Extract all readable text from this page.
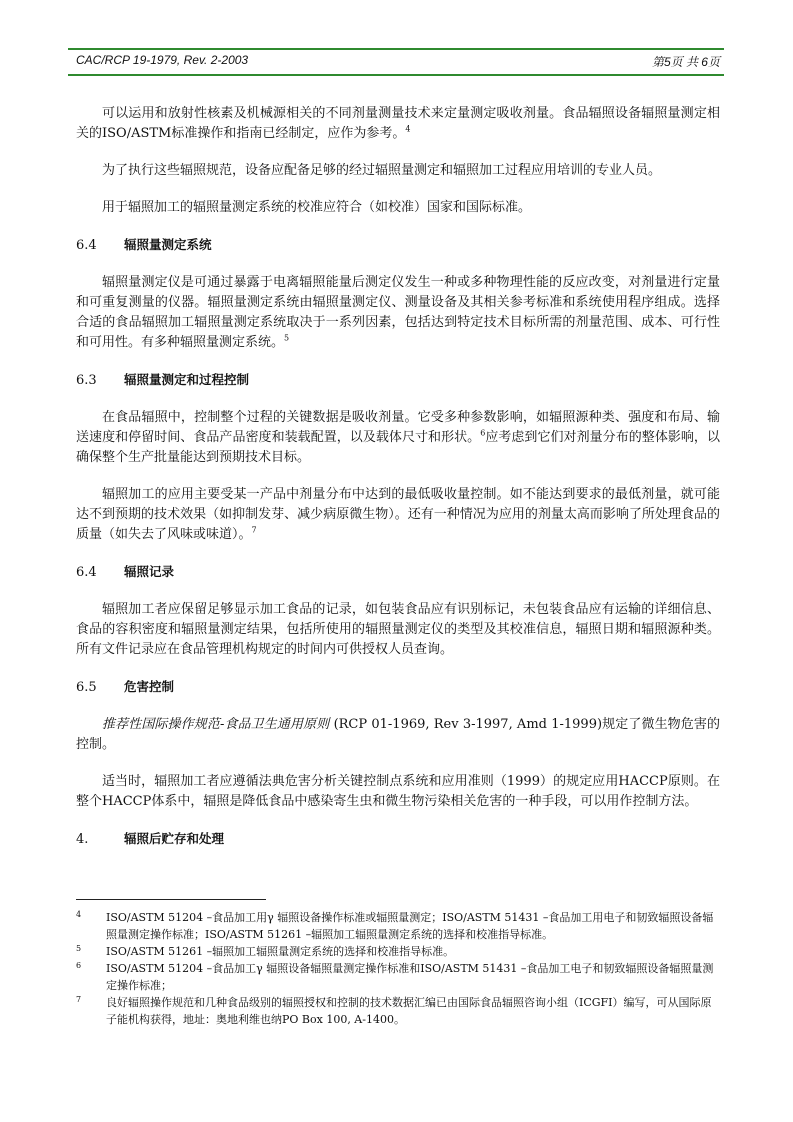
CAC/RCP 19-1979, Rev. 2-2003	第5页 共 6页

可以运用和放射性核素及机械源相关的不同剂量测量技术来定量测定吸收剂量。食品辐照设备辐照量测定相关的ISO/ASTM标准操作和指南已经制定，应作为参考。$^4$

为了执行这些辐照规范，设备应配备足够的经过辐照量测定和辐照加工过程应用培训的专业人员。

用于辐照加工的辐照量测定系统的校准应符合（如校准）国家和国际标准。

6.4 辐照量测定系统

辐照量测定仪是可通过暴露于电离辐照能量后测定仪发生一种或多种物理性能的反应改变，对剂量进行定量和可重复测量的仪器。辐照量测定系统由辐照量测定仪、测量设备及其相关参考标准和系统使用程序组成。选择合适的食品辐照加工辐照量测定系统取决于一系列因素，包括达到特定技术目标所需的剂量范围、成本、可行性和可用性。有多种辐照量测定系统。$^5$

6.3 辐照量测定和过程控制

在食品辐照中，控制整个过程的关键数据是吸收剂量。它受多种参数影响，如辐照源种类、强度和布局、输送速度和停留时间、食品产品密度和装载配置，以及载体尺寸和形状。$^6$应考虑到它们对剂量分布的整体影响，以确保整个生产批量能达到预期技术目标。

辐照加工的应用主要受某一产品中剂量分布中达到的最低吸收量控制。如不能达到要求的最低剂量，就可能达不到预期的技术效果（如抑制发芽、减少病原微生物）。还有一种情况为应用的剂量太高而影响了所处理食品的质量（如失去了风味或味道）。$^7$

6.4 辐照记录

辐照加工者应保留足够显示加工食品的记录，如包装食品应有识别标记，未包装食品应有运输的详细信息、食品的容积密度和辐照量测定结果，包括所使用的辐照量测定仪的类型及其校准信息，辐照日期和辐照源种类。所有文件记录应在食品管理机构规定的时间内可供授权人员查询。

6.5 危害控制

推荐性国际操作规范-食品卫生通用原则 (RCP 01-1969, Rev 3-1997, Amd 1-1999)规定了微生物危害的控制。

适当时，辐照加工者应遵循法典危害分析关键控制点系统和应用准则（1999）的规定应用HACCP原则。在整个HACCP体系中，辐照是降低食品中感染寄生虫和微生物污染相关危害的一种手段，可以用作控制方法。

4.	辐照后贮存和处理

4 ISO/ASTM 51204 –食品加工用γ 辐照设备操作标准或辐照量测定；ISO/ASTM 51431 –食品加工用电子和韧致辐照设备辐照量测定操作标准；ISO/ASTM 51261 –辐照加工辐照量测定系统的选择和校准指导标准。

5 ISO/ASTM 51261 –辐照加工辐照量测定系统的选择和校准指导标准。

6 ISO/ASTM 51204 –食品加工γ 辐照设备辐照量测定操作标准和ISO/ASTM 51431 –食品加工电子和韧致辐照设备辐照量测定操作标准；

7 良好辐照操作规范和几种食品级别的辐照授权和控制的技术数据汇编已由国际食品辐照咨询小组（ICGFI）编写，可从国际原子能机构获得，地址：奥地利维也纳PO Box 100, A-1400。
